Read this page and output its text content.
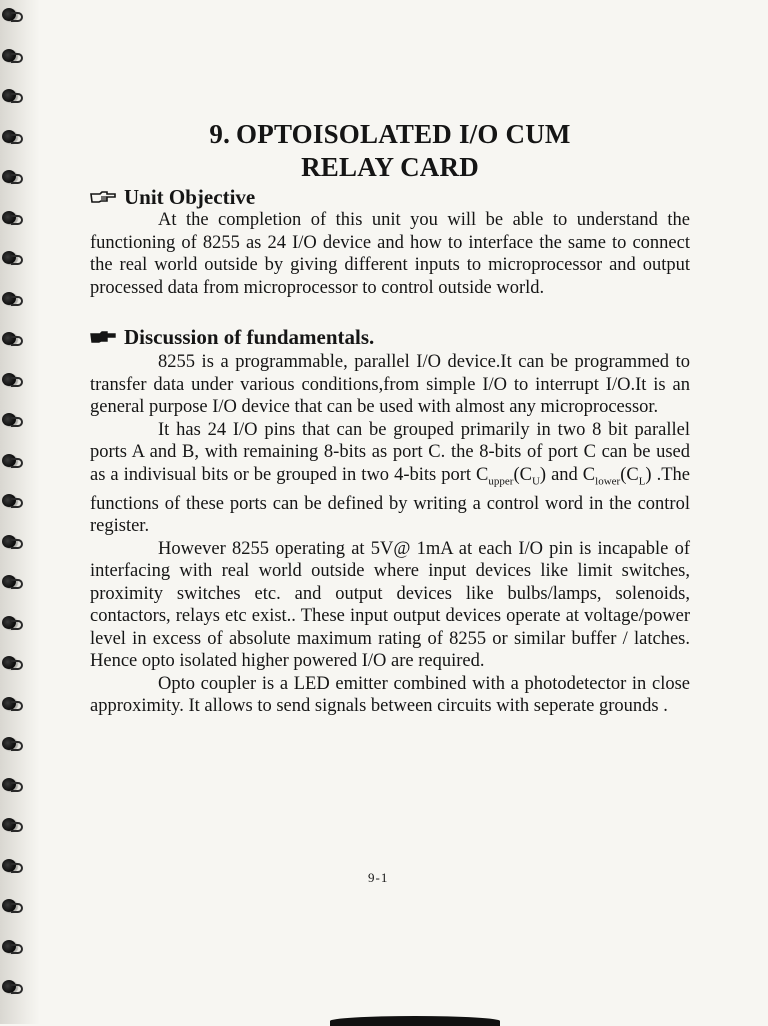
9. OPTOISOLATED I/O CUM
RELAY CARD
Unit Objective

At the completion of this unit you will be able to understand the functioning of 8255 as 24 I/O device and how to interface the same to connect the real world outside by giving different inputs to microprocessor and output processed data from microprocessor to control outside world.

Discussion of fundamentals.

8255 is a programmable, parallel I/O device.It can be programmed to transfer data under various conditions,from simple I/O to interrupt I/O.It is an general purpose I/O device that can be used with almost any microprocessor.

It has 24 I/O pins that can be grouped primarily in two 8 bit parallel ports A and B, with remaining 8-bits as port C. the 8-bits of port C can be used as a indivisual bits or be grouped in two 4-bits port $C_{upper}(C_U)$ and $C_{lower}(C_L)$ .The functions of these ports can be defined by writing a control word in the control register.

However 8255 operating at 5V@ 1mA at each I/O pin is incapable of interfacing with real world outside where input devices like limit switches, proximity switches etc. and output devices like bulbs/lamps, solenoids, contactors, relays etc exist.. These input output devices operate at voltage/power level in excess of absolute maximum rating of 8255 or similar buffer / latches. Hence opto isolated higher powered I/O are required.

Opto coupler is a LED emitter combined with a photodetector in close approximity. It allows to send signals between circuits with seperate grounds .

9-1
